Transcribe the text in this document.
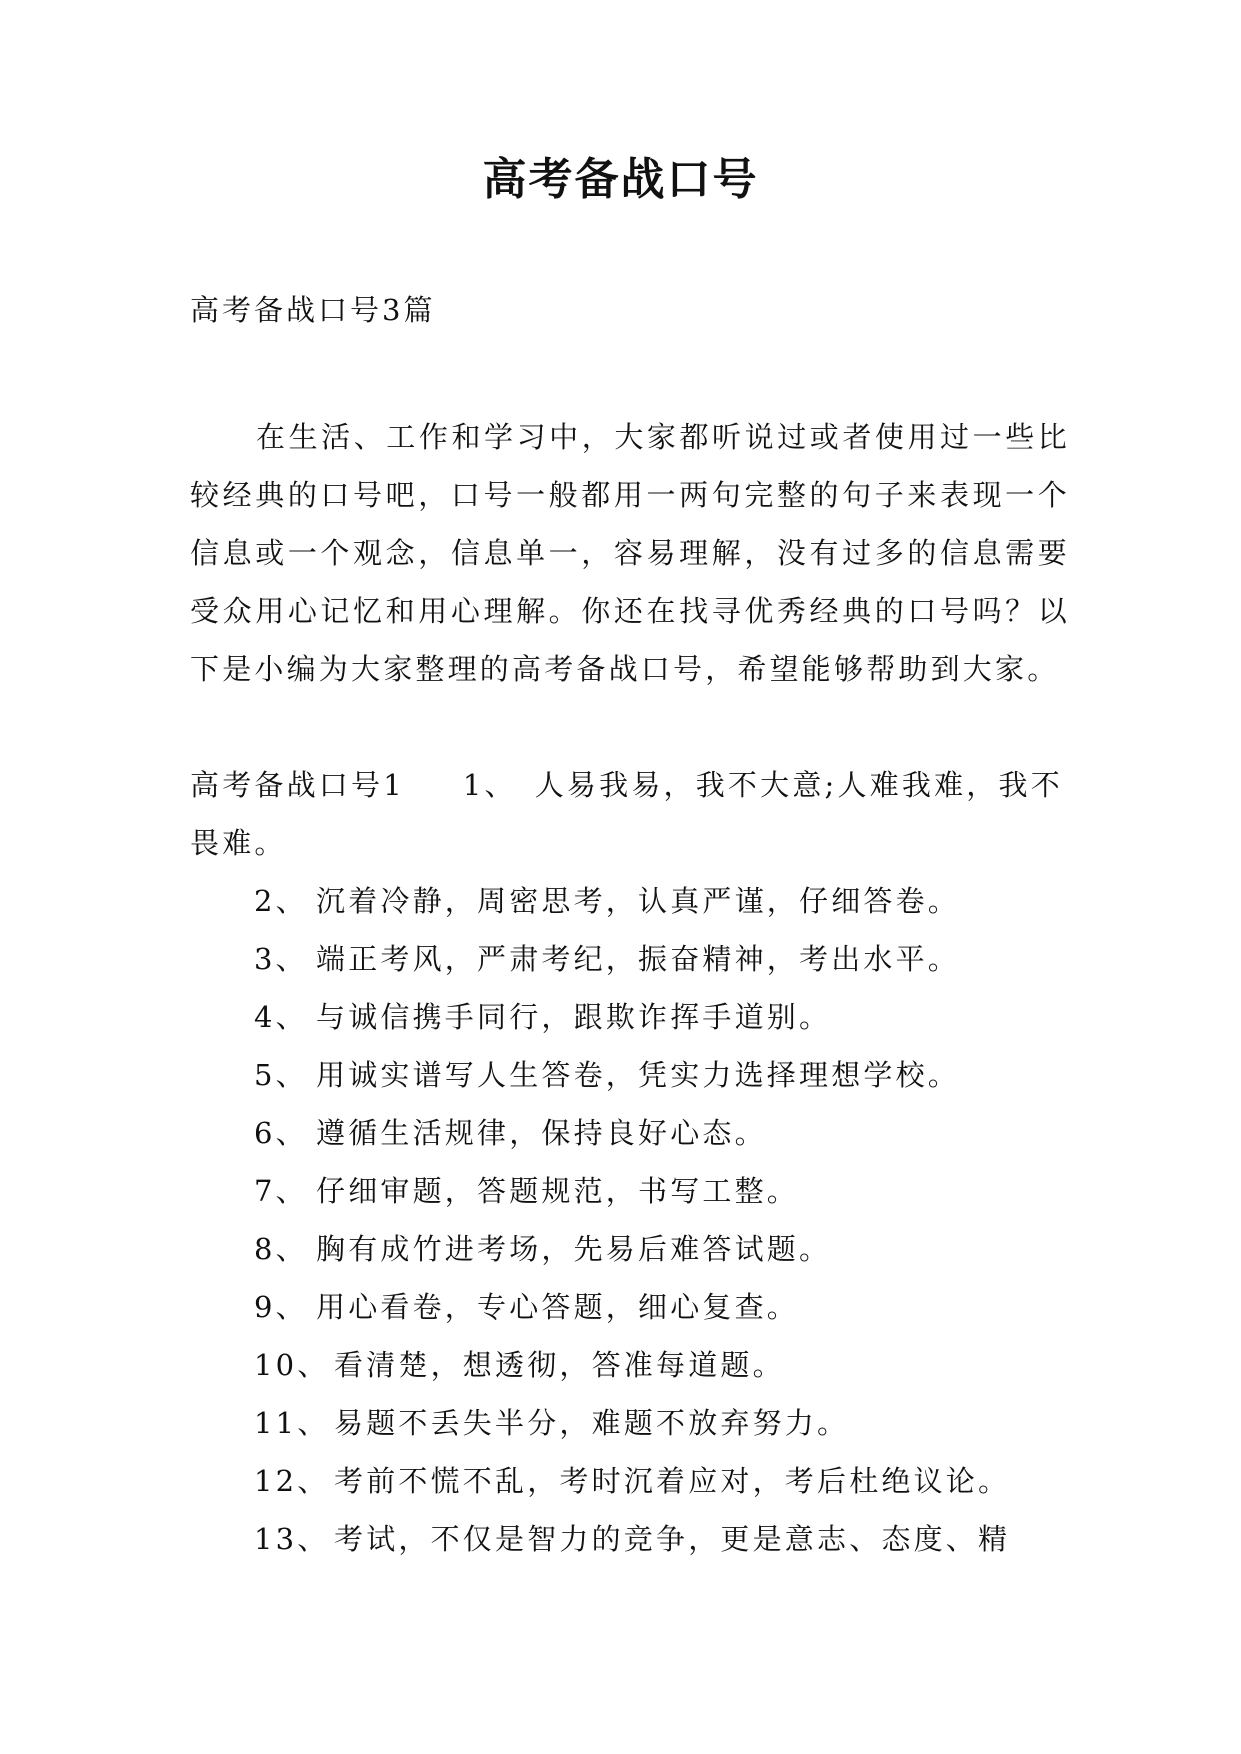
高考备战口号
高考备战口号3篇
在生活、工作和学习中，大家都听说过或者使用过一些比较经典的口号吧，口号一般都用一两句完整的句子来表现一个信息或一个观念，信息单一，容易理解，没有过多的信息需要受众用心记忆和用心理解。你还在找寻优秀经典的口号吗？以下是小编为大家整理的高考备战口号，希望能够帮助到大家。
高考备战口号1 1、 人易我易，我不大意;人难我难，我不畏难。
2、 沉着冷静，周密思考，认真严谨，仔细答卷。
3、 端正考风，严肃考纪，振奋精神，考出水平。
4、 与诚信携手同行，跟欺诈挥手道别。
5、 用诚实谱写人生答卷，凭实力选择理想学校。
6、 遵循生活规律，保持良好心态。
7、 仔细审题，答题规范，书写工整。
8、 胸有成竹进考场，先易后难答试题。
9、 用心看卷，专心答题，细心复查。
10、 看清楚，想透彻，答准每道题。
11、 易题不丢失半分，难题不放弃努力。
12、 考前不慌不乱，考时沉着应对，考后杜绝议论。
13、 考试，不仅是智力的竞争，更是意志、态度、精
